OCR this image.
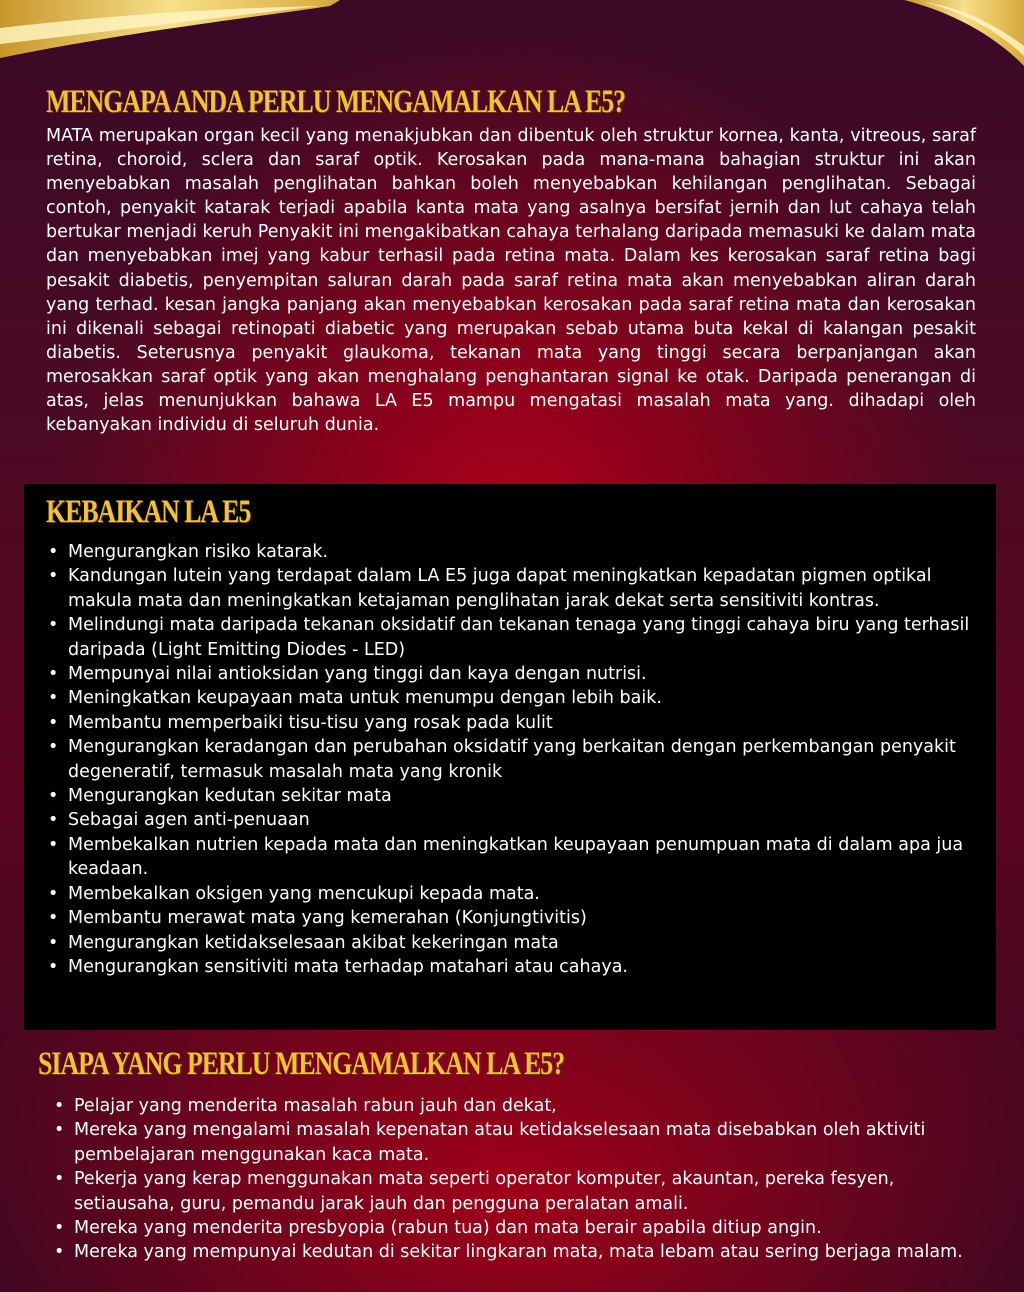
MENGAPA ANDA PERLU MENGAMALKAN LA E5?

MATA merupakan organ kecil yang menakjubkan dan dibentuk oleh struktur kornea, kanta, vitreous, saraf retina, choroid, sclera dan saraf optik. Kerosakan pada mana-mana bahagian struktur ini akan menyebabkan masalah penglihatan bahkan boleh menyebabkan kehilangan penglihatan. Sebagai contoh, penyakit katarak terjadi apabila kanta mata yang asalnya bersifat jernih dan lut cahaya telah bertukar menjadi keruh Penyakit ini mengakibatkan cahaya terhalang daripada memasuki ke dalam mata dan menyebabkan imej yang kabur terhasil pada retina mata. Dalam kes kerosakan saraf retina bagi pesakit diabetis, penyempitan saluran darah pada saraf retina mata akan menyebabkan aliran darah yang terhad. kesan jangka panjang akan menyebabkan kerosakan pada saraf retina mata dan kerosakan ini dikenali sebagai retinopati diabetic yang merupakan sebab utama buta kekal di kalangan pesakit diabetis. Seterusnya penyakit glaukoma, tekanan mata yang tinggi secara berpanjangan akan merosakkan saraf optik yang akan menghalang penghantaran signal ke otak. Daripada penerangan di atas, jelas menunjukkan bahawa LA E5 mampu mengatasi masalah mata yang. dihadapi oleh kebanyakan individu di seluruh dunia.

KEBAIKAN LA E5
• Mengurangkan risiko katarak.
• Kandungan lutein yang terdapat dalam LA E5 juga dapat meningkatkan kepadatan pigmen optikal makula mata dan meningkatkan ketajaman penglihatan jarak dekat serta sensitiviti kontras.
• Melindungi mata daripada tekanan oksidatif dan tekanan tenaga yang tinggi cahaya biru yang terhasil daripada (Light Emitting Diodes - LED)
• Mempunyai nilai antioksidan yang tinggi dan kaya dengan nutrisi.
• Meningkatkan keupayaan mata untuk menumpu dengan lebih baik.
• Membantu memperbaiki tisu-tisu yang rosak pada kulit
• Mengurangkan keradangan dan perubahan oksidatif yang berkaitan dengan perkembangan penyakit degeneratif, termasuk masalah mata yang kronik
• Mengurangkan kedutan sekitar mata
• Sebagai agen anti-penuaan
• Membekalkan nutrien kepada mata dan meningkatkan keupayaan penumpuan mata di dalam apa jua keadaan.
• Membekalkan oksigen yang mencukupi kepada mata.
• Membantu merawat mata yang kemerahan (Konjungtivitis)
• Mengurangkan ketidakselesaan akibat kekeringan mata
• Mengurangkan sensitiviti mata terhadap matahari atau cahaya.
SIAPA YANG PERLU MENGAMALKAN LA E5?
• Pelajar yang menderita masalah rabun jauh dan dekat,
• Mereka yang mengalami masalah kepenatan atau ketidakselesaan mata disebabkan oleh aktiviti pembelajaran menggunakan kaca mata.
• Pekerja yang kerap menggunakan mata seperti operator komputer, akauntan, pereka fesyen, setiausaha, guru, pemandu jarak jauh dan pengguna peralatan amali.
• Mereka yang menderita presbyopia (rabun tua) dan mata berair apabila ditiup angin.
• Mereka yang mempunyai kedutan di sekitar lingkaran mata, mata lebam atau sering berjaga malam.
